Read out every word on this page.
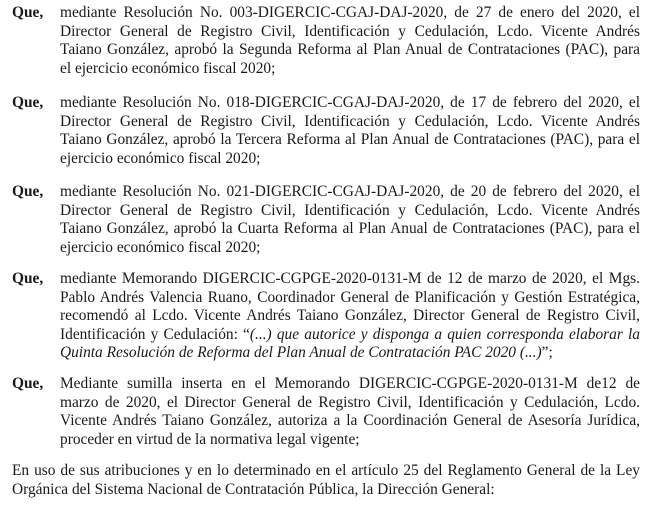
Que, mediante Resolución No. 003-DIGERCIC-CGAJ-DAJ-2020, de 27 de enero del 2020, el
Director General de Registro Civil, Identificación y Cedulación, Lcdo. Vicente Andrés
Taiano González, aprobó la Segunda Reforma al Plan Anual de Contrataciones (PAC), para
el ejercicio económico fiscal 2020;
Que, mediante Resolución No. 018-DIGERCIC-CGAJ-DAJ-2020, de 17 de febrero del 2020, el
Director General de Registro Civil, Identificación y Cedulación, Lcdo. Vicente Andrés
Taiano González, aprobó la Tercera Reforma al Plan Anual de Contrataciones (PAC), para el
ejercicio económico fiscal 2020;
Que, mediante Resolución No. 021-DIGERCIC-CGAJ-DAJ-2020, de 20 de febrero del 2020, el
Director General de Registro Civil, Identificación y Cedulación, Lcdo. Vicente Andrés
Taiano González, aprobó la Cuarta Reforma al Plan Anual de Contrataciones (PAC), para el
ejercicio económico fiscal 2020;
Que, mediante Memorando DIGERCIC-CGPGE-2020-0131-M de 12 de marzo de 2020, el Mgs.
Pablo Andrés Valencia Ruano, Coordinador General de Planificación y Gestión Estratégica,
recomendó al Lcdo. Vicente Andrés Taiano González, Director General de Registro Civil,
Identificación y Cedulación: “(...) que autorice y disponga a quien corresponda elaborar la
Quinta Resolución de Reforma del Plan Anual de Contratación PAC 2020 (...)”;
Que, Mediante sumilla inserta en el Memorando DIGERCIC-CGPGE-2020-0131-M de12 de
marzo de 2020, el Director General de Registro Civil, Identificación y Cedulación, Lcdo.
Vicente Andrés Taiano González, autoriza a la Coordinación General de Asesoría Jurídica,
proceder en virtud de la normativa legal vigente;
En uso de sus atribuciones y en lo determinado en el artículo 25 del Reglamento General de la Ley
Orgánica del Sistema Nacional de Contratación Pública, la Dirección General:
